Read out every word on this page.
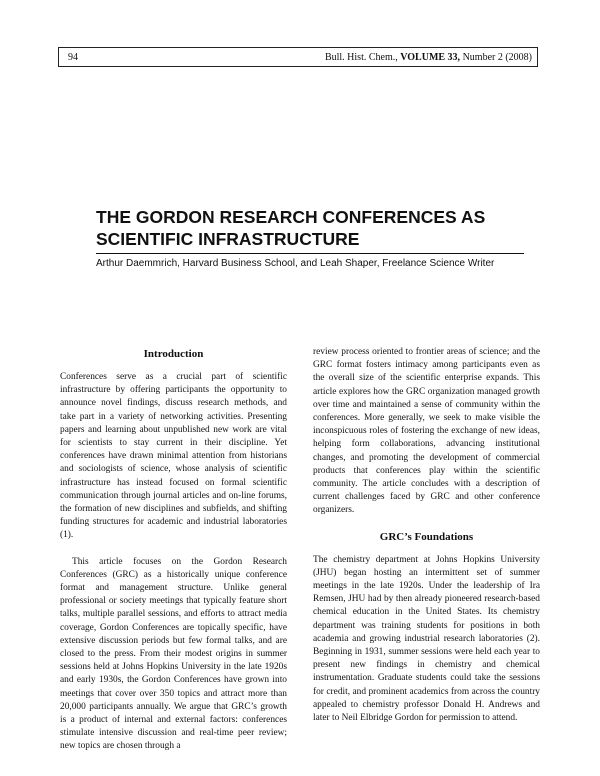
94	Bull. Hist. Chem., VOLUME 33, Number 2 (2008)
THE GORDON RESEARCH CONFERENCES AS SCIENTIFIC INFRASTRUCTURE

Arthur Daemmrich, Harvard Business School, and Leah Shaper, Freelance Science Writer

Introduction

Conferences serve as a crucial part of scientific infrastructure by offering participants the opportunity to announce novel findings, discuss research methods, and take part in a variety of networking activities. Presenting papers and learning about unpublished new work are vital for scientists to stay current in their discipline. Yet conferences have drawn minimal attention from historians and sociologists of science, whose analysis of scientific infrastructure has instead focused on formal scientific communication through journal articles and on-line forums, the formation of new disciplines and subfields, and shifting funding structures for academic and industrial laboratories (1).

This article focuses on the Gordon Research Conferences (GRC) as a historically unique conference format and management structure. Unlike general professional or society meetings that typically feature short talks, multiple parallel sessions, and efforts to attract media coverage, Gordon Conferences are topically specific, have extensive discussion periods but few formal talks, and are closed to the press. From their modest origins in summer sessions held at Johns Hopkins University in the late 1920s and early 1930s, the Gordon Conferences have grown into meetings that cover over 350 topics and attract more than 20,000 participants annually. We argue that GRC’s growth is a product of internal and external factors: conferences stimulate intensive discussion and real-time peer review; new topics are chosen through a

review process oriented to frontier areas of science; and the GRC format fosters intimacy among participants even as the overall size of the scientific enterprise expands. This article explores how the GRC organization managed growth over time and maintained a sense of community within the conferences. More generally, we seek to make visible the inconspicuous roles of fostering the exchange of new ideas, helping form collaborations, advancing institutional changes, and promoting the development of commercial products that conferences play within the scientific community. The article concludes with a description of current challenges faced by GRC and other conference organizers.

GRC’s Foundations

The chemistry department at Johns Hopkins University (JHU) began hosting an intermittent set of summer meetings in the late 1920s. Under the leadership of Ira Remsen, JHU had by then already pioneered research-based chemical education in the United States. Its chemistry department was training students for positions in both academia and growing industrial research laboratories (2). Beginning in 1931, summer sessions were held each year to present new findings in chemistry and chemical instrumentation. Graduate students could take the sessions for credit, and prominent academics from across the country appealed to chemistry professor Donald H. Andrews and later to Neil Elbridge Gordon for permission to attend.
